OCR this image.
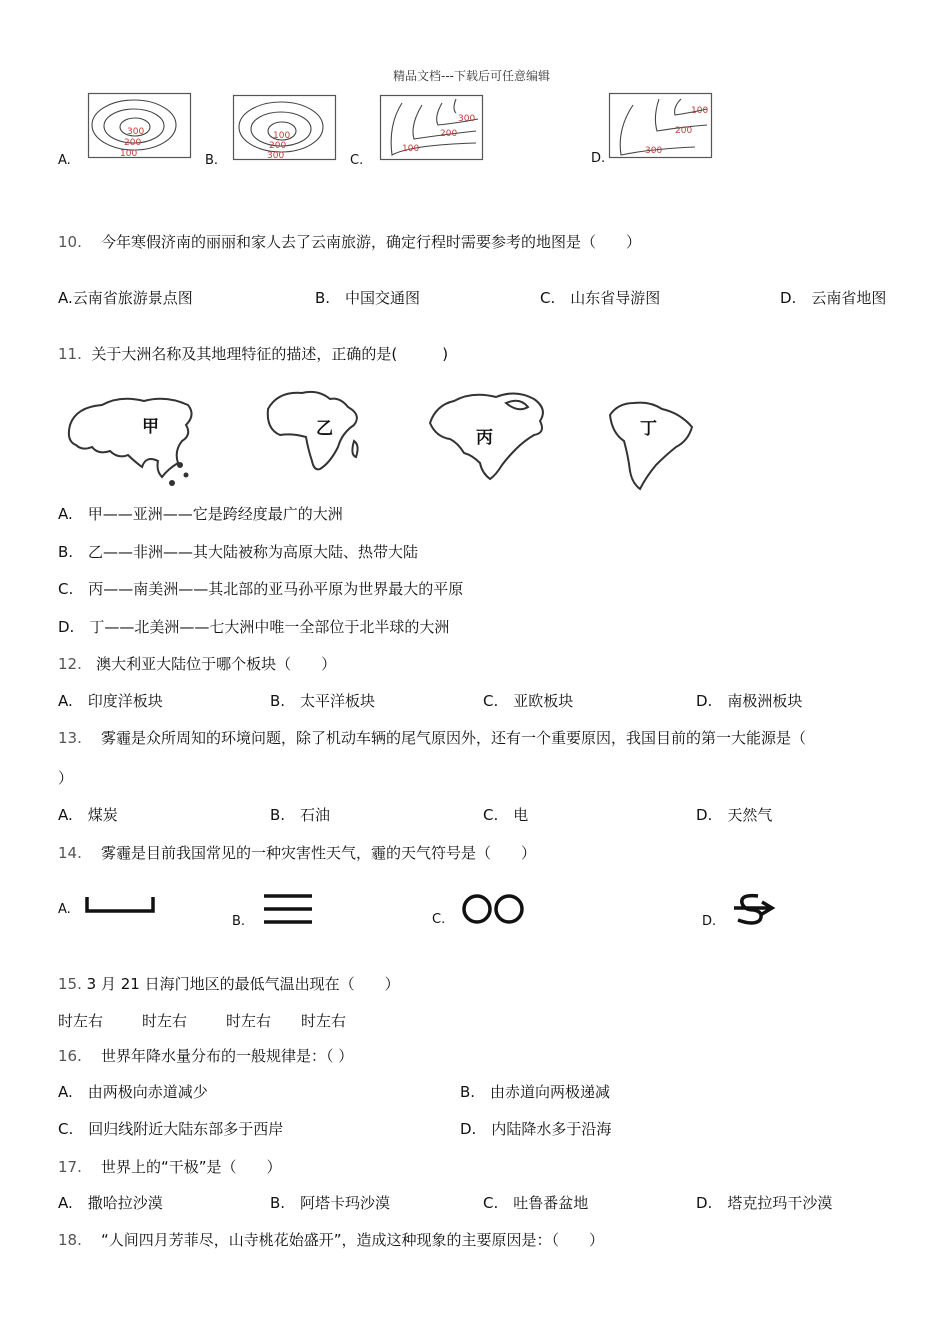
精品文档---下载后可任意编辑
A.
300
200
100	B.
100
200
300	C.
300
200
100
D.
100
200
300
10. 今年寒假济南的丽丽和家人去了云南旅游，确定行程时需要参考的地图是（　　）
A.云南省旅游景点图	B.　中国交通图	C.　山东省导游图	D.　云南省地图
11. 关于大洲名称及其地理特征的描述，正确的是(　　　)
甲	乙	丙	丁
A.　甲——亚洲——它是跨经度最广的大洲
B.　乙——非洲——其大陆被称为高原大陆、热带大陆
C.　丙——南美洲——其北部的亚马孙平原为世界最大的平原
D.　丁——北美洲——七大洲中唯一全部位于北半球的大洲
12. 澳大利亚大陆位于哪个板块（　　）
A.　印度洋板块	B.　太平洋板块	C.　亚欧板块	D.　南极洲板块
13. 雾霾是众所周知的环境问题，除了机动车辆的尾气原因外，还有一个重要原因，我国目前的第一大能源是（
）
A.　煤炭	B.　石油	C.　电	D.　天然气
14. 雾霾是目前我国常见的一种灾害性天气，霾的天气符号是（　　）
A.
B.	C.	D.
15. 3 月 21 日海门地区的最低气温出现在（　　）
时左右	时左右	时左右 时左右
16. 世界年降水量分布的一般规律是：（ ）
A.　由两极向赤道减少	B.　由赤道向两极递减
C.　回归线附近大陆东部多于西岸	D.　内陆降水多于沿海
17. 世界上的“干极”是（　　）
A.　撒哈拉沙漠	B.　阿塔卡玛沙漠	C.　吐鲁番盆地	D.　塔克拉玛干沙漠
18. “人间四月芳菲尽，山寺桃花始盛开”，造成这种现象的主要原因是：（　　）
